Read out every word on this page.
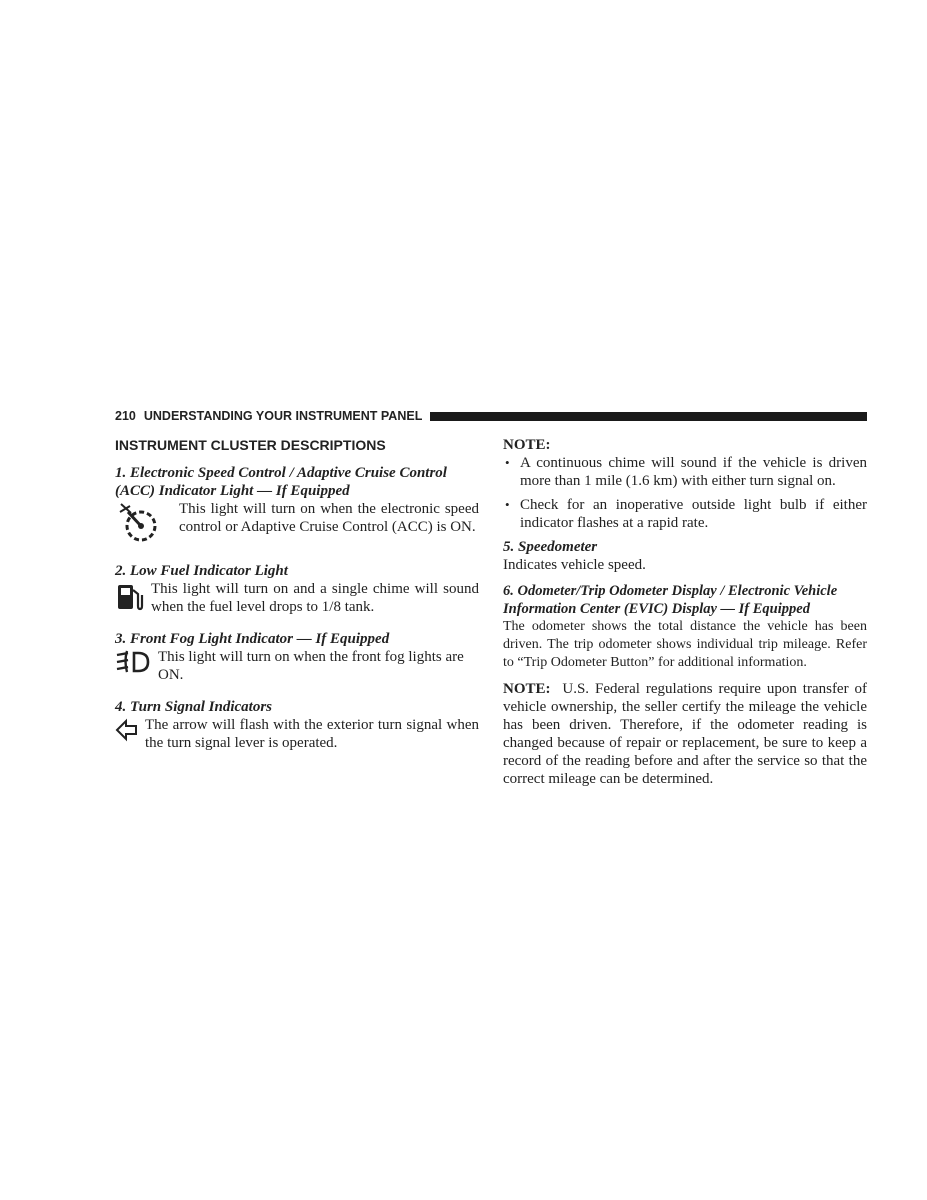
210 UNDERSTANDING YOUR INSTRUMENT PANEL

INSTRUMENT CLUSTER DESCRIPTIONS

1. Electronic Speed Control / Adaptive Cruise Control (ACC) Indicator Light — If Equipped

This light will turn on when the electronic speed control or Adaptive Cruise Control (ACC) is ON.

2. Low Fuel Indicator Light

This light will turn on and a single chime will sound when the fuel level drops to 1/8 tank.

3. Front Fog Light Indicator — If Equipped

This light will turn on when the front fog lights are ON.

4. Turn Signal Indicators

The arrow will flash with the exterior turn signal when the turn signal lever is operated.

NOTE:

• A continuous chime will sound if the vehicle is driven more than 1 mile (1.6 km) with either turn signal on.
• Check for an inoperative outside light bulb if either indicator flashes at a rapid rate.

5. Speedometer

Indicates vehicle speed.

6. Odometer/Trip Odometer Display / Electronic Vehicle Information Center (EVIC) Display — If Equipped

The odometer shows the total distance the vehicle has been driven. The trip odometer shows individual trip mileage. Refer to “Trip Odometer Button” for additional information.

NOTE: U.S. Federal regulations require upon transfer of vehicle ownership, the seller certify the mileage the vehicle has been driven. Therefore, if the odometer reading is changed because of repair or replacement, be sure to keep a record of the reading before and after the service so that the correct mileage can be determined.
